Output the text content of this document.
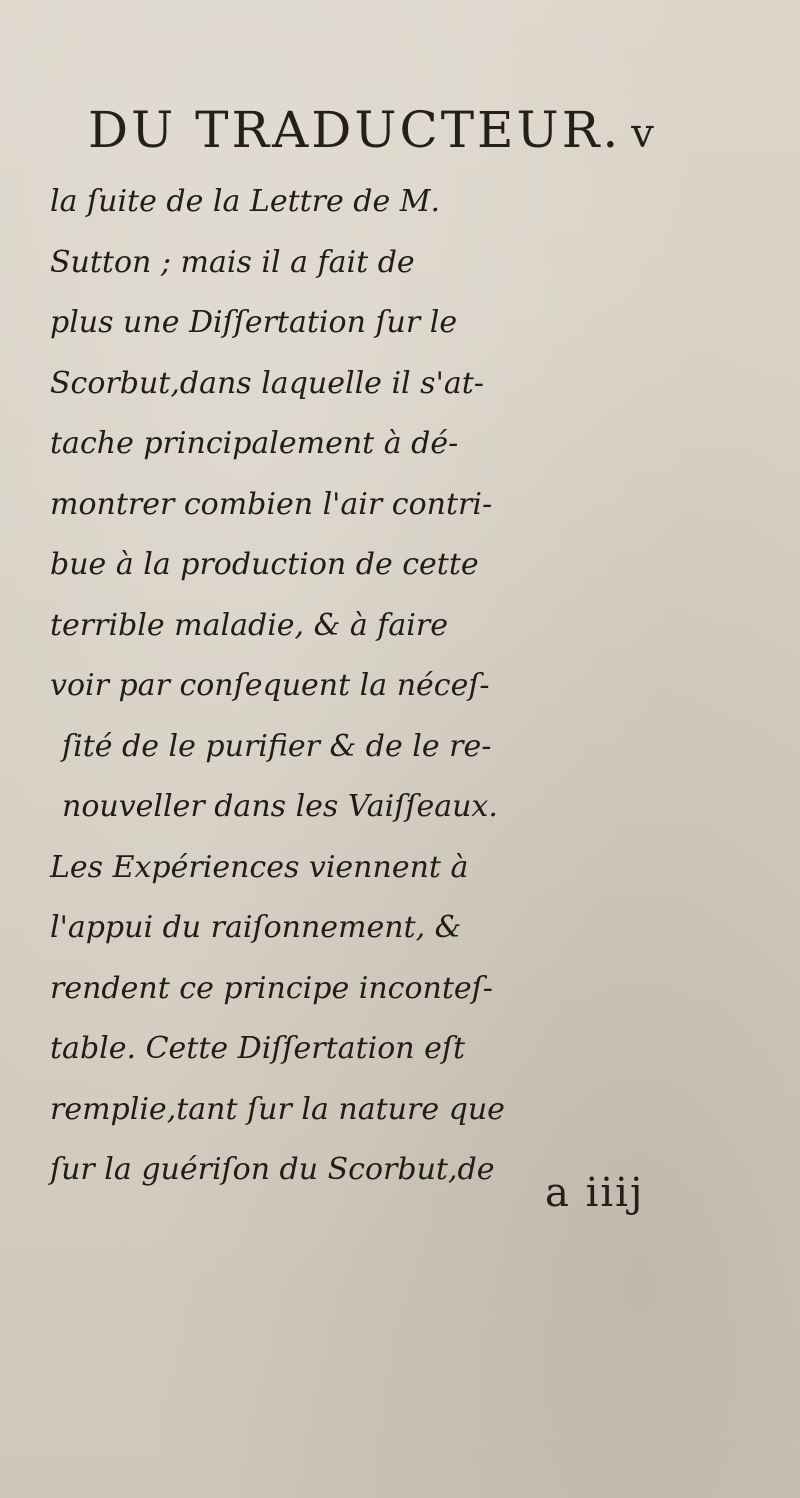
DU TRADUCTEUR. v
la ſuite de la Lettre de M.
Sutton ; mais il a fait de
plus une Diſſertation ſur le
Scorbut,dans laquelle il s'at-
tache principalement à dé-
montrer combien l'air contri-
bue à la production de cette
terrible maladie, & à faire
voir par conſequent la néceſ-
ſité de le purifier & de le re-
nouveller dans les Vaiſſeaux.
Les Expériences viennent à
l'appui du raiſonnement, &
rendent ce principe inconteſ-
table. Cette Diſſertation eſt
remplie,tant ſur la nature que
ſur la guériſon du Scorbut,de
a iiij
